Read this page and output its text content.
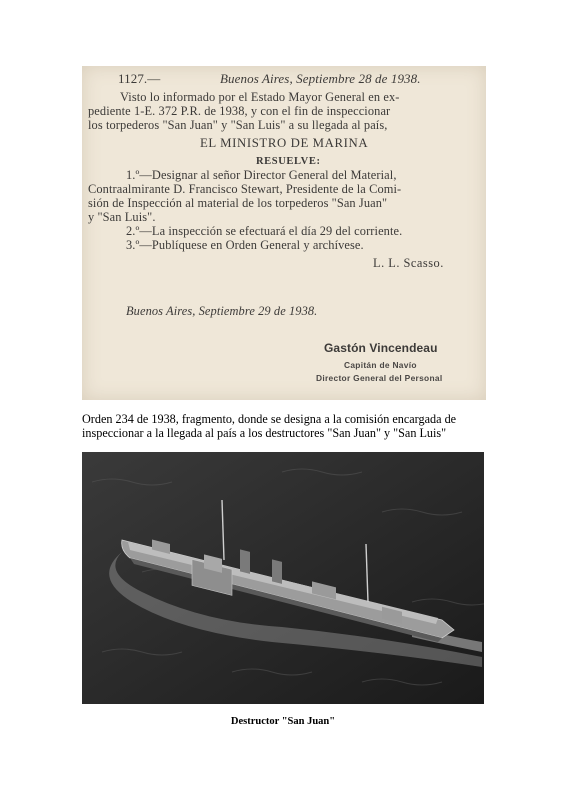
1127.—	Buenos Aires, Septiembre 28 de 1938.
Visto lo informado por el Estado Mayor General en ex-
pediente 1-E. 372 P.R. de 1938, y con el fin de inspeccionar
los torpederos "San Juan" y "San Luis" a su llegada al país,
EL MINISTRO DE MARINA
RESUELVE:
1.º—Designar al señor Director General del Material,
Contraalmirante D. Francisco Stewart, Presidente de la Comi-
sión de Inspección al material de los torpederos "San Juan"
y "San Luis".
2.º—La inspección se efectuará el día 29 del corriente.
3.º—Publíquese en Orden General y archívese.
L. L. Scasso.
Buenos Aires, Septiembre 29 de 1938.
Gastón Vincendeau
Capitán de Navío
Director General del Personal
Orden 234 de 1938, fragmento, donde se designa a la comisión encargada de
inspeccionar a la llegada al país a los destructores "San Juan" y "San Luis"
Destructor "San Juan"
